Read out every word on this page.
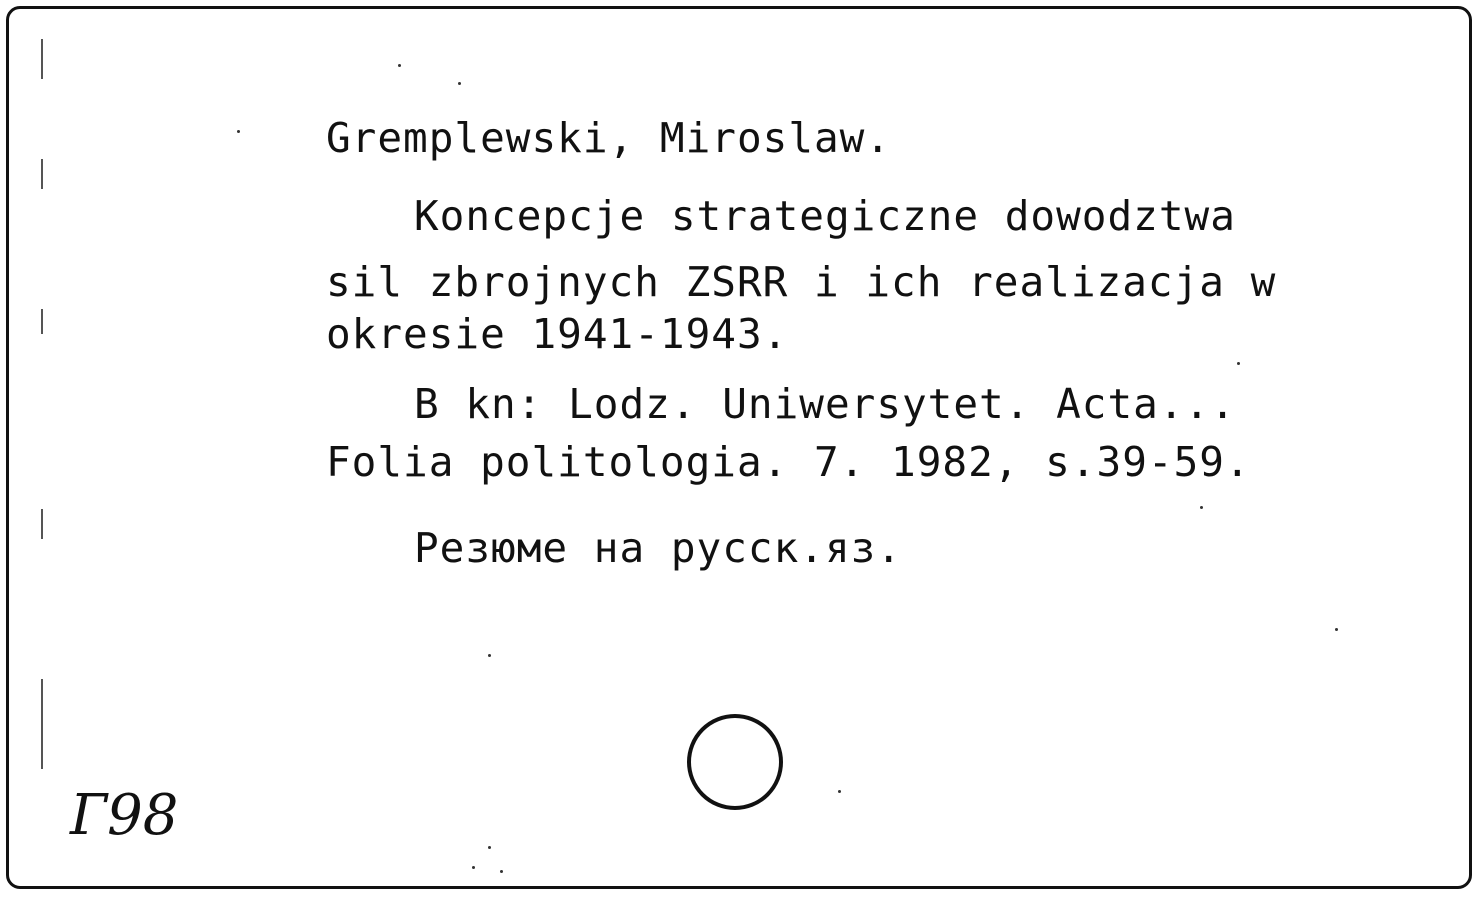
Gremplewski, Miroslaw.
Koncepcje strategiczne dowodztwa
sil zbrojnych ZSRR i ich realizacja w
okresie 1941-1943.
B kn: Lodz. Uniwersytet. Acta...
Folia politologia. 7. 1982, s.39-59.
Резюме на русск.яз.
Г98
